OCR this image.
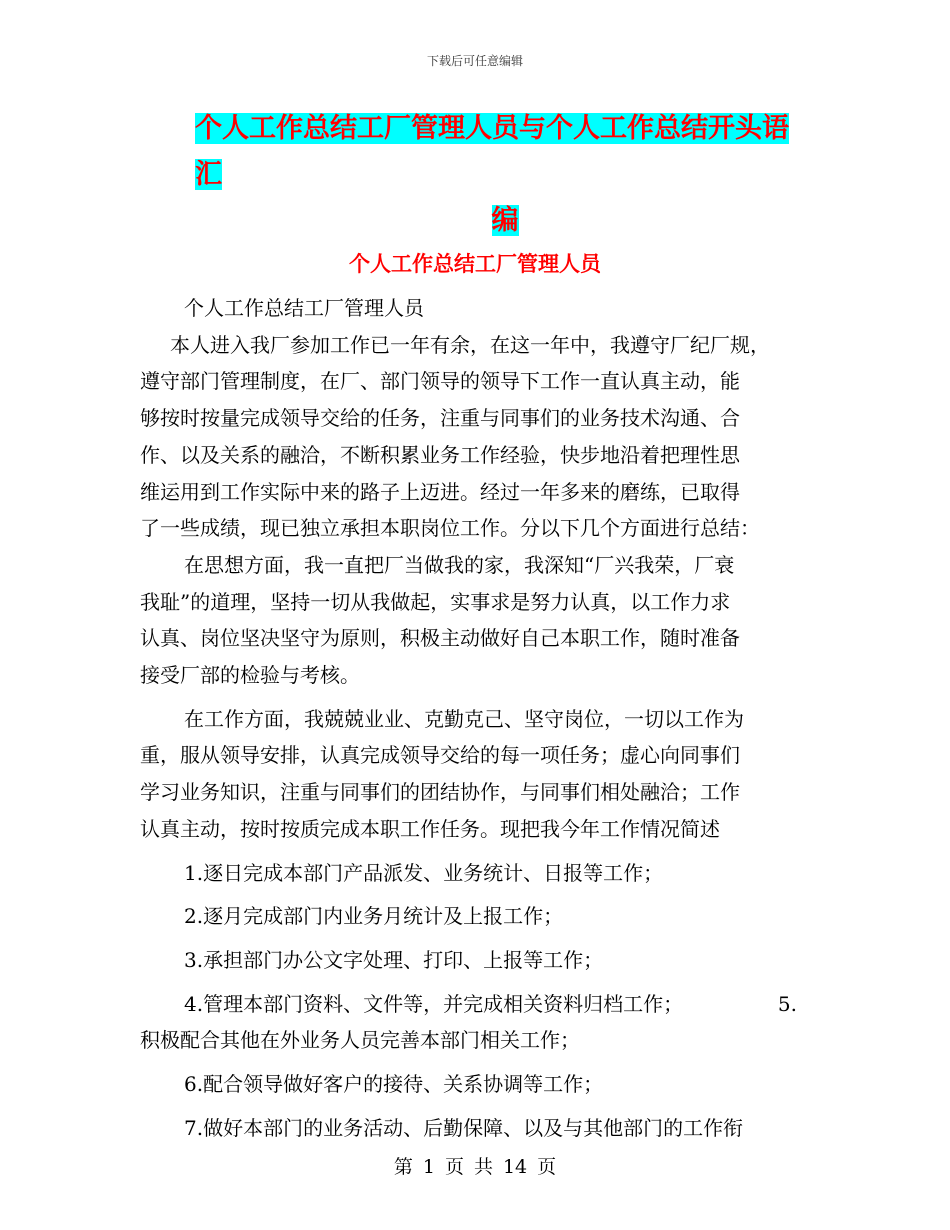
下载后可任意编辑
个人工作总结工厂管理人员与个人工作总结开头语汇
编
个人工作总结工厂管理人员

个人工作总结工厂管理人员

本人进入我厂参加工作已一年有余，在这一年中，我遵守厂纪厂规，
遵守部门管理制度，在厂、部门领导的领导下工作一直认真主动，能
够按时按量完成领导交给的任务，注重与同事们的业务技术沟通、合
作、以及关系的融洽，不断积累业务工作经验，快步地沿着把理性思
维运用到工作实际中来的路子上迈进。经过一年多来的磨练，已取得
了一些成绩，现已独立承担本职岗位工作。分以下几个方面进行总结：

在思想方面，我一直把厂当做我的家，我深知“厂兴我荣，厂衰
我耻”的道理，坚持一切从我做起，实事求是努力认真，以工作力求
认真、岗位坚决坚守为原则，积极主动做好自己本职工作，随时准备
接受厂部的检验与考核。

在工作方面，我兢兢业业、克勤克己、坚守岗位，一切以工作为
重，服从领导安排，认真完成领导交给的每一项任务；虚心向同事们
学习业务知识，注重与同事们的团结协作，与同事们相处融洽；工作
认真主动，按时按质完成本职工作任务。现把我今年工作情况简述

1.逐日完成本部门产品派发、业务统计、日报等工作；

2.逐月完成部门内业务月统计及上报工作；

3.承担部门办公文字处理、打印、上报等工作；

4.管理本部门资料、文件等，并完成相关资料归档工作；	5.
积极配合其他在外业务人员完善本部门相关工作；

6.配合领导做好客户的接待、关系协调等工作；

7.做好本部门的业务活动、后勤保障、以及与其他部门的工作衔

第 1 页 共 14 页
